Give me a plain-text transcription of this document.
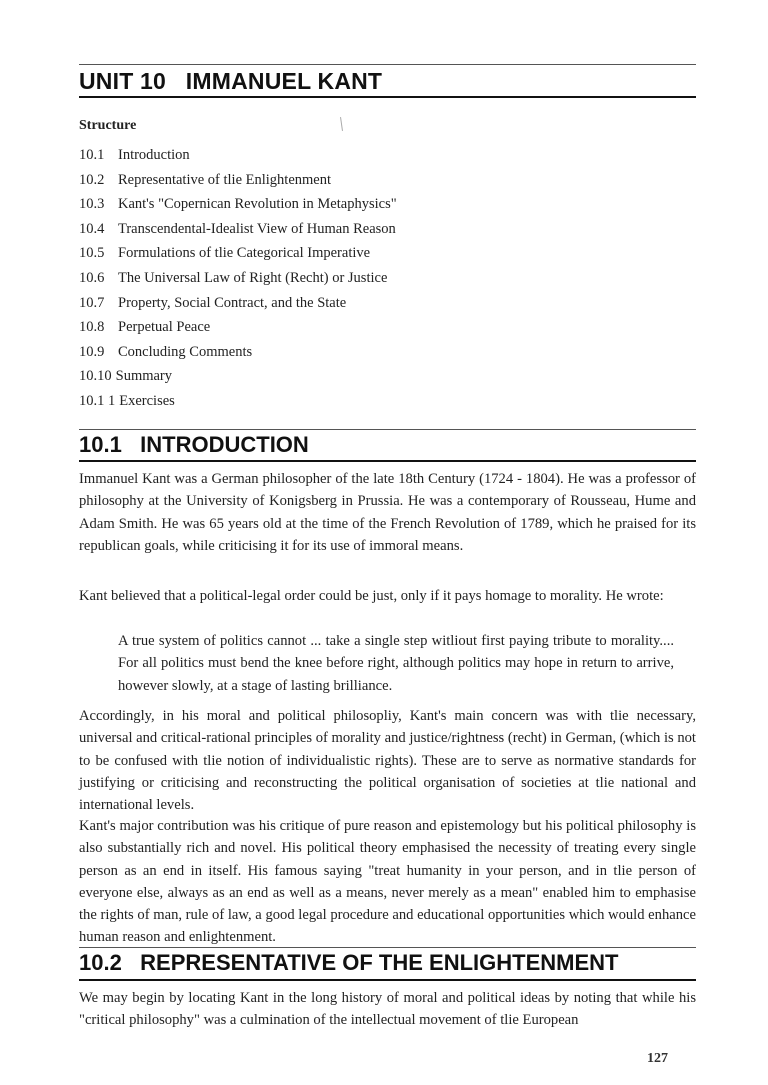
UNIT 10   IMMANUEL KANT
Structure
10.1 Introduction
10.2 Representative of tlie Enlightenment
10.3 Kant's "Copernican Revolution in Metaphysics"
10.4 Transcendental-Idealist View of Human Reason
10.5 Formulations of tlie Categorical Imperative
10.6 The Universal Law of Right (Recht) or Justice
10.7 Property, Social Contract, and the State
10.8 Perpetual Peace
10.9 Concluding Comments
10.10 Summary
10.1 1 Exercises
10.1   INTRODUCTION

Immanuel Kant was a German philosopher of the late 18th Century (1724 - 1804). He was a professor of philosophy at the University of Konigsberg in Prussia. He was a contemporary of Rousseau, Hume and Adam Smith. He was 65 years old at the time of the French Revolution of 1789, which he praised for its republican goals, while criticising it for its use of immoral means.

Kant believed that a political-legal order could be just, only if it pays homage to morality. He wrote:

A true system of politics cannot ... take a single step witliout first paying tribute to morality.... For all politics must bend the knee before right, although politics may hope in return to arrive, however slowly, at a stage of lasting brilliance.

Accordingly, in his moral and political philosopliy, Kant's main concern was with tlie necessary, universal and critical-rational principles of morality and justice/rightness (recht) in German, (which is not to be confused with tlie notion of individualistic rights). These are to serve as normative standards for justifying or criticising and reconstructing the political organisation of societies at tlie national and international levels.

Kant's major contribution was his critique of pure reason and epistemology but his political philosophy is also substantially rich and novel. His political theory emphasised the necessity of treating every single person as an end in itself. His famous saying "treat humanity in your person, and in tlie person of everyone else, always as an end as well as a means, never merely as a mean" enabled him to emphasise the rights of man, rule of law, a good legal procedure and educational opportunities which would enhance human reason and enlightenment.

10.2   REPRESENTATIVE OF THE ENLIGHTENMENT

We may begin by locating Kant in the long history of moral and political ideas by noting that while his "critical philosophy" was a culmination of the intellectual movement of tlie European

127
